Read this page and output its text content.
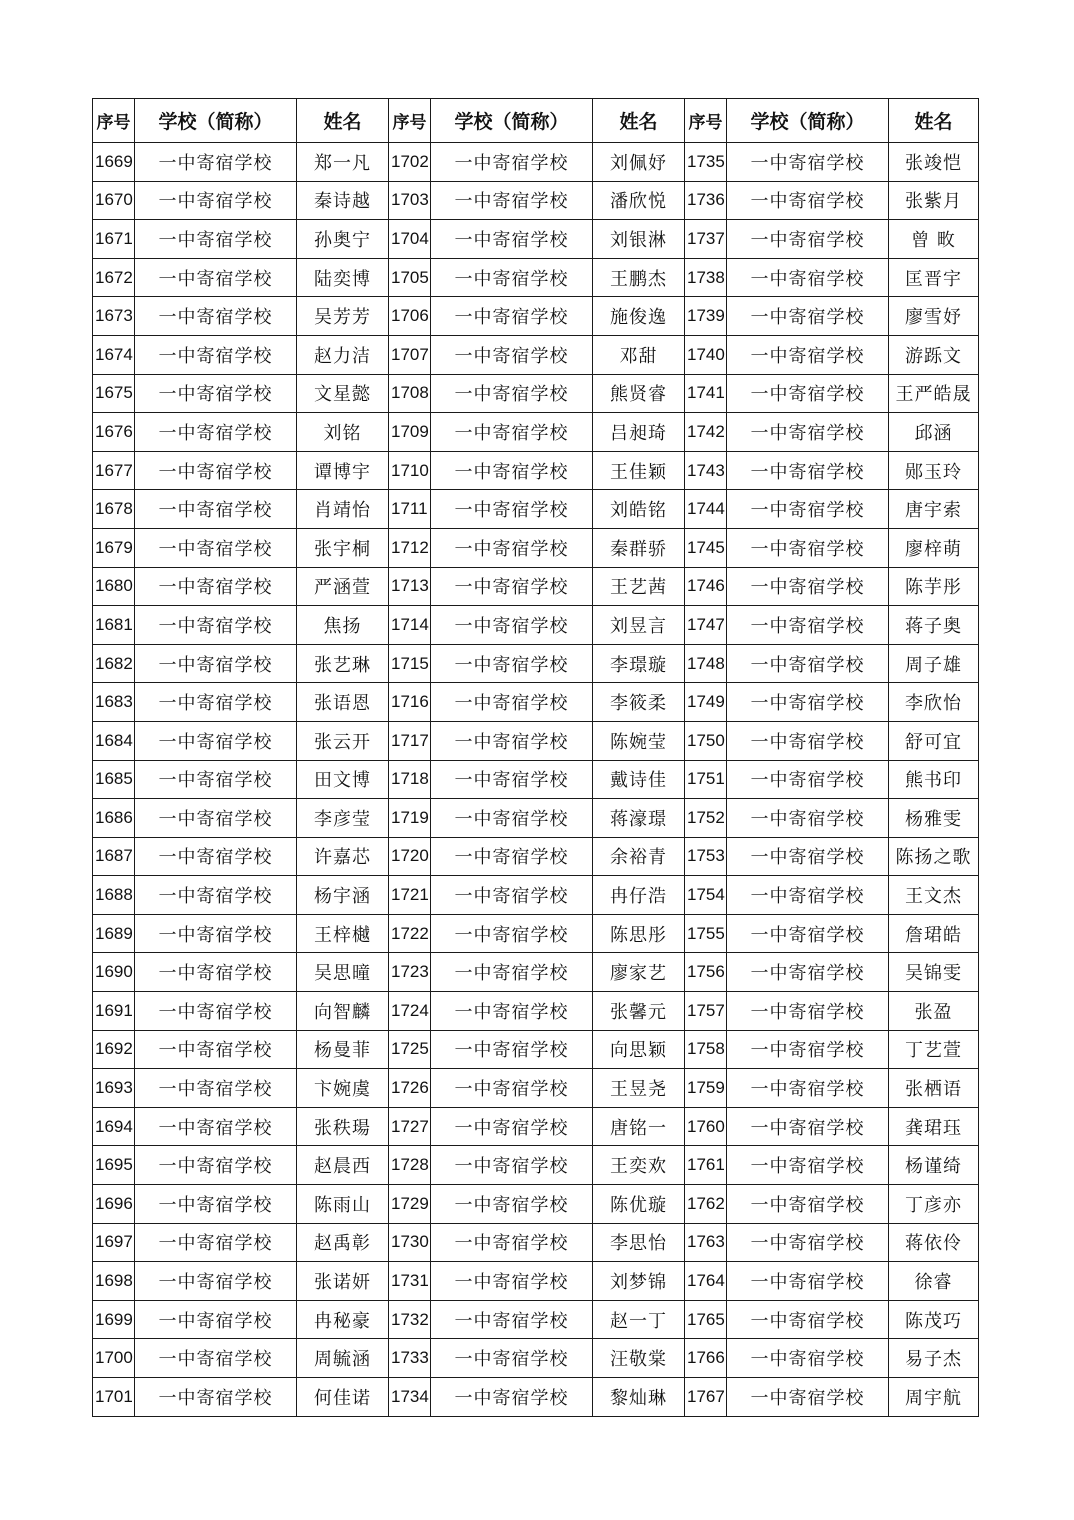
序号	学校（简称）	姓名	序号	学校（简称）	姓名	序号	学校（简称）	姓名
1669	一中寄宿学校	郑一凡	1702	一中寄宿学校	刘佩妤	1735	一中寄宿学校	张竣恺
1670	一中寄宿学校	秦诗越	1703	一中寄宿学校	潘欣悦	1736	一中寄宿学校	张紫月
1671	一中寄宿学校	孙奥宁	1704	一中寄宿学校	刘银淋	1737	一中寄宿学校	曾 畋
1672	一中寄宿学校	陆奕博	1705	一中寄宿学校	王鹏杰	1738	一中寄宿学校	匡晋宇
1673	一中寄宿学校	吴芳芳	1706	一中寄宿学校	施俊逸	1739	一中寄宿学校	廖雪妤
1674	一中寄宿学校	赵力洁	1707	一中寄宿学校	邓甜	1740	一中寄宿学校	游跞文
1675	一中寄宿学校	文星懿	1708	一中寄宿学校	熊贤睿	1741	一中寄宿学校	王严皓晟
1676	一中寄宿学校	刘铭	1709	一中寄宿学校	吕昶琦	1742	一中寄宿学校	邱涵
1677	一中寄宿学校	谭博宇	1710	一中寄宿学校	王佳颖	1743	一中寄宿学校	郧玉玲
1678	一中寄宿学校	肖靖怡	1711	一中寄宿学校	刘皓铭	1744	一中寄宿学校	唐宇索
1679	一中寄宿学校	张宇桐	1712	一中寄宿学校	秦群骄	1745	一中寄宿学校	廖梓萌
1680	一中寄宿学校	严涵萱	1713	一中寄宿学校	王艺茜	1746	一中寄宿学校	陈芋彤
1681	一中寄宿学校	焦扬	1714	一中寄宿学校	刘昱言	1747	一中寄宿学校	蒋子奥
1682	一中寄宿学校	张艺琳	1715	一中寄宿学校	李璟璇	1748	一中寄宿学校	周子雄
1683	一中寄宿学校	张语恩	1716	一中寄宿学校	李筱柔	1749	一中寄宿学校	李欣怡
1684	一中寄宿学校	张云开	1717	一中寄宿学校	陈婉莹	1750	一中寄宿学校	舒可宜
1685	一中寄宿学校	田文博	1718	一中寄宿学校	戴诗佳	1751	一中寄宿学校	熊书印
1686	一中寄宿学校	李彦莹	1719	一中寄宿学校	蒋濠璟	1752	一中寄宿学校	杨雅雯
1687	一中寄宿学校	许嘉芯	1720	一中寄宿学校	余裕青	1753	一中寄宿学校	陈扬之歌
1688	一中寄宿学校	杨宇涵	1721	一中寄宿学校	冉仔浩	1754	一中寄宿学校	王文杰
1689	一中寄宿学校	王梓樾	1722	一中寄宿学校	陈思彤	1755	一中寄宿学校	詹珺皓
1690	一中寄宿学校	吴思曈	1723	一中寄宿学校	廖家艺	1756	一中寄宿学校	吴锦雯
1691	一中寄宿学校	向智麟	1724	一中寄宿学校	张馨元	1757	一中寄宿学校	张盈
1692	一中寄宿学校	杨曼菲	1725	一中寄宿学校	向思颖	1758	一中寄宿学校	丁艺萱
1693	一中寄宿学校	卞婉虞	1726	一中寄宿学校	王昱尧	1759	一中寄宿学校	张栖语
1694	一中寄宿学校	张秩瑒	1727	一中寄宿学校	唐铭一	1760	一中寄宿学校	龚珺珏
1695	一中寄宿学校	赵晨西	1728	一中寄宿学校	王奕欢	1761	一中寄宿学校	杨谨绮
1696	一中寄宿学校	陈雨山	1729	一中寄宿学校	陈优璇	1762	一中寄宿学校	丁彦亦
1697	一中寄宿学校	赵禹彰	1730	一中寄宿学校	李思怡	1763	一中寄宿学校	蒋依伶
1698	一中寄宿学校	张诺妍	1731	一中寄宿学校	刘梦锦	1764	一中寄宿学校	徐睿
1699	一中寄宿学校	冉秘豪	1732	一中寄宿学校	赵一丁	1765	一中寄宿学校	陈茂巧
1700	一中寄宿学校	周毓涵	1733	一中寄宿学校	汪敬棠	1766	一中寄宿学校	易子杰
1701	一中寄宿学校	何佳诺	1734	一中寄宿学校	黎灿琳	1767	一中寄宿学校	周宇航
